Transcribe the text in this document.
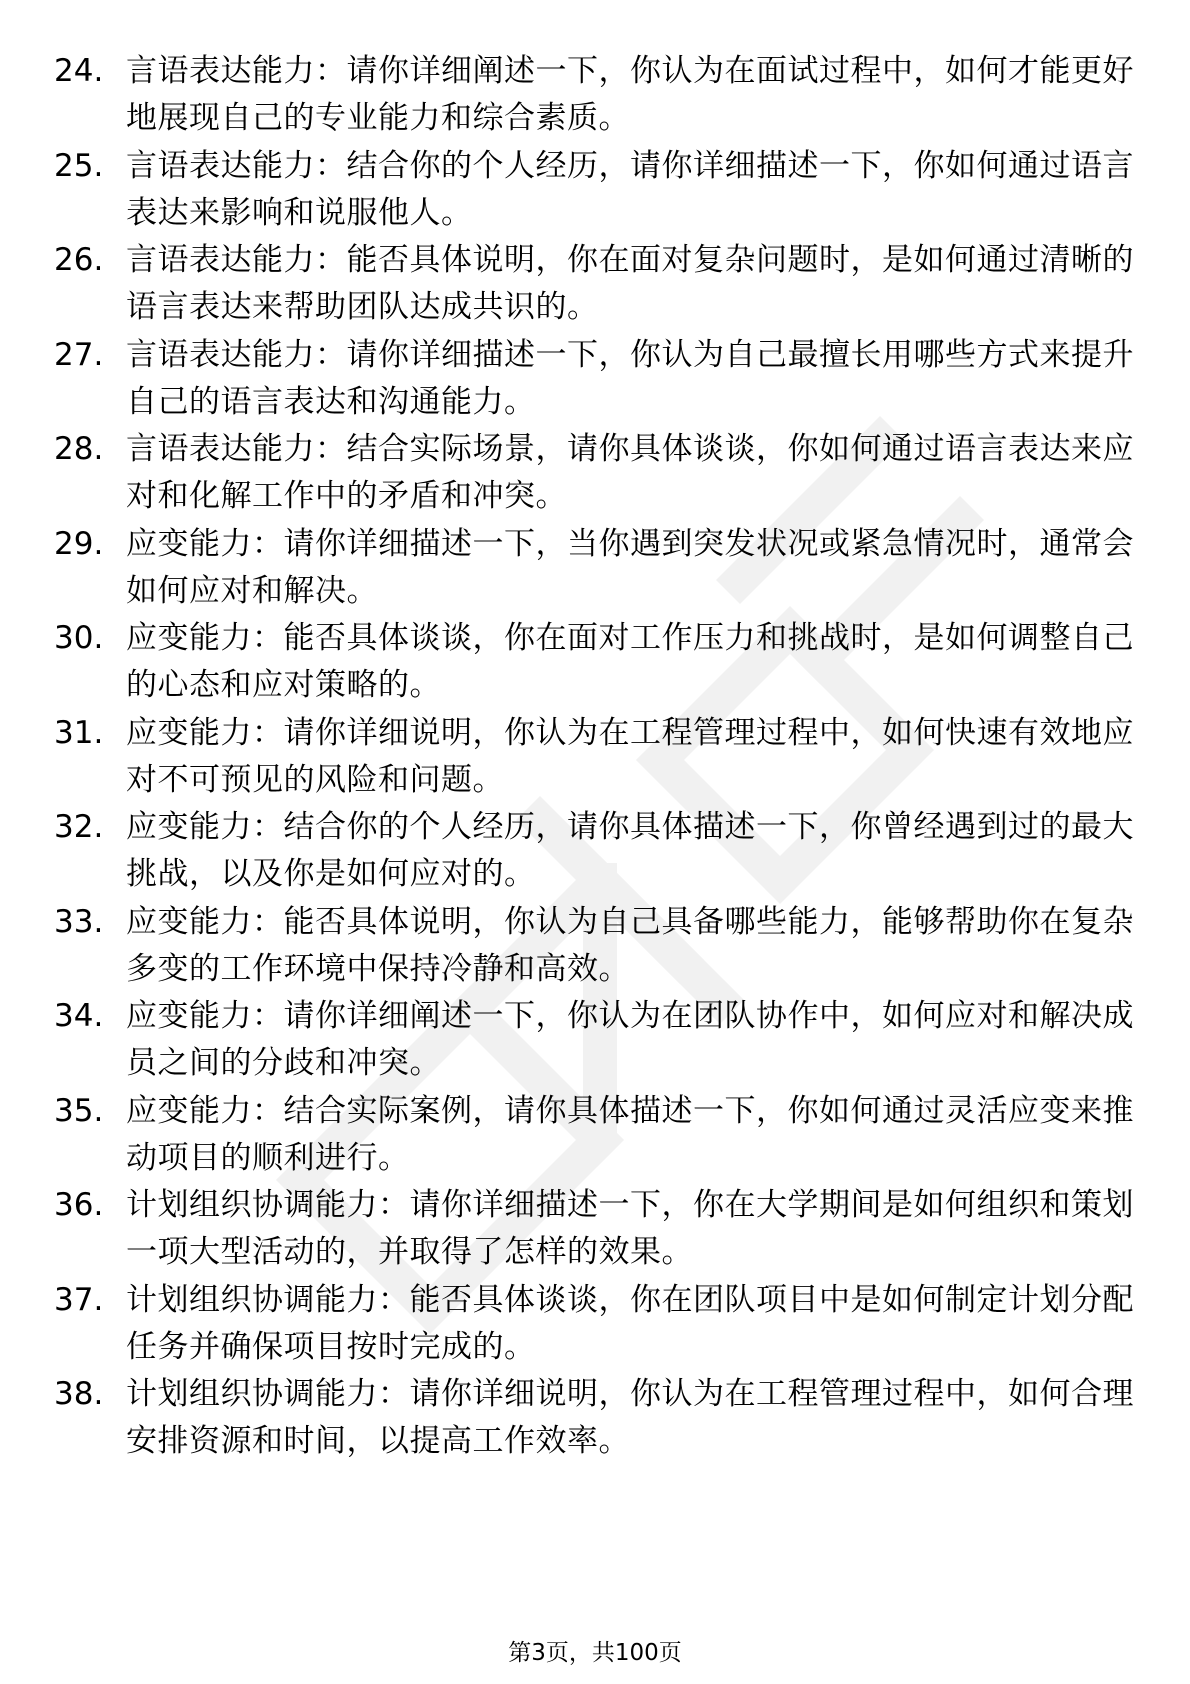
24. 言语表达能力：请你详细阐述一下，你认为在面试过程中，如何才能更好地展现自己的专业能力和综合素质。
25. 言语表达能力：结合你的个人经历，请你详细描述一下，你如何通过语言表达来影响和说服他人。
26. 言语表达能力：能否具体说明，你在面对复杂问题时，是如何通过清晰的语言表达来帮助团队达成共识的。
27. 言语表达能力：请你详细描述一下，你认为自己最擅长用哪些方式来提升自己的语言表达和沟通能力。
28. 言语表达能力：结合实际场景，请你具体谈谈，你如何通过语言表达来应对和化解工作中的矛盾和冲突。
29. 应变能力：请你详细描述一下，当你遇到突发状况或紧急情况时，通常会如何应对和解决。
30. 应变能力：能否具体谈谈，你在面对工作压力和挑战时，是如何调整自己的心态和应对策略的。
31. 应变能力：请你详细说明，你认为在工程管理过程中，如何快速有效地应对不可预见的风险和问题。
32. 应变能力：结合你的个人经历，请你具体描述一下，你曾经遇到过的最大挑战，以及你是如何应对的。
33. 应变能力：能否具体说明，你认为自己具备哪些能力，能够帮助你在复杂多变的工作环境中保持冷静和高效。
34. 应变能力：请你详细阐述一下，你认为在团队协作中，如何应对和解决成员之间的分歧和冲突。
35. 应变能力：结合实际案例，请你具体描述一下，你如何通过灵活应变来推动项目的顺利进行。
36. 计划组织协调能力：请你详细描述一下，你在大学期间是如何组织和策划一项大型活动的，并取得了怎样的效果。
37. 计划组织协调能力：能否具体谈谈，你在团队项目中是如何制定计划分配任务并确保项目按时完成的。
38. 计划组织协调能力：请你详细说明，你认为在工程管理过程中，如何合理安排资源和时间，以提高工作效率。
第3页，共100页
